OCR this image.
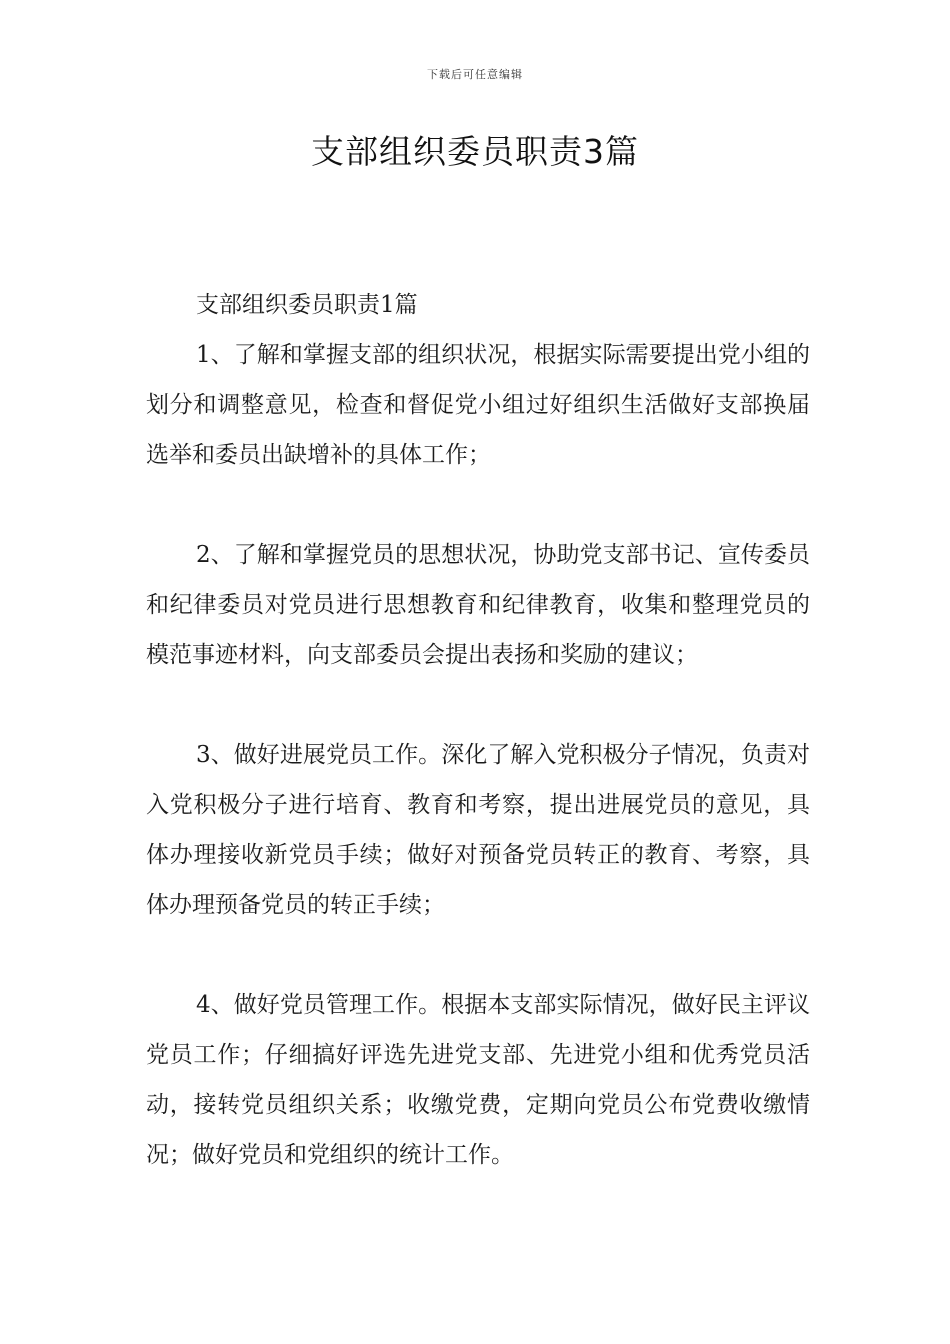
下载后可任意编辑
支部组织委员职责3篇

支部组织委员职责1篇

1、了解和掌握支部的组织状况，根据实际需要提出党小组的划分和调整意见，检查和督促党小组过好组织生活做好支部换届选举和委员出缺增补的具体工作；

2、了解和掌握党员的思想状况，协助党支部书记、宣传委员和纪律委员对党员进行思想教育和纪律教育，收集和整理党员的模范事迹材料，向支部委员会提出表扬和奖励的建议；

3、做好进展党员工作。深化了解入党积极分子情况，负责对入党积极分子进行培育、教育和考察，提出进展党员的意见，具体办理接收新党员手续；做好对预备党员转正的教育、考察，具体办理预备党员的转正手续；

4、做好党员管理工作。根据本支部实际情况，做好民主评议党员工作；仔细搞好评选先进党支部、先进党小组和优秀党员活动，接转党员组织关系；收缴党费，定期向党员公布党费收缴情况；做好党员和党组织的统计工作。
